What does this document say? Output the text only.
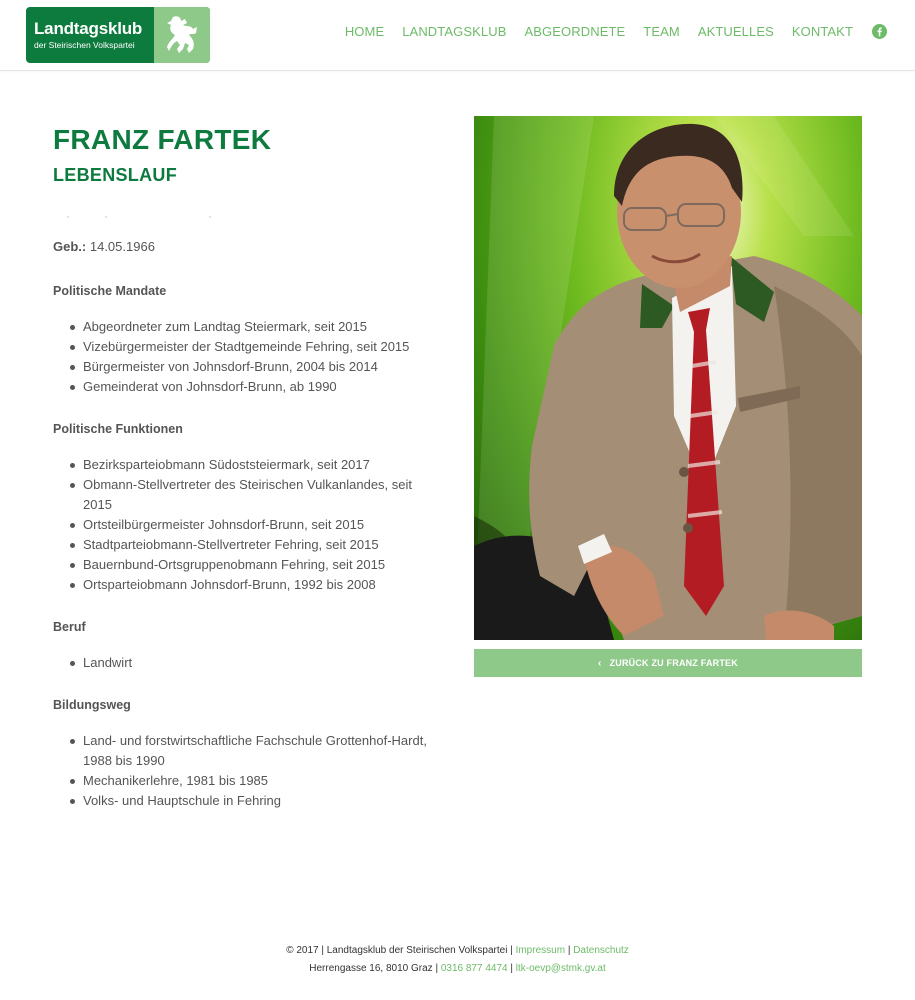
Landtagsklub
der Steirischen Volkspartei
HOME LANDTAGSKLUB ABGEORDNETE TEAM AKTUELLES KONTAKT
FRANZ FARTEK
LEBENSLAUF

Geb.: 14.05.1966

Politische Mandate
Abgeordneter zum Landtag Steiermark, seit 2015
Vizebürgermeister der Stadtgemeinde Fehring, seit 2015
Bürgermeister von Johnsdorf-Brunn, 2004 bis 2014
Gemeinderat von Johnsdorf-Brunn, ab 1990
Politische Funktionen
Bezirksparteiobmann Südoststeiermark, seit 2017
Obmann-Stellvertreter des Steirischen Vulkanlandes, seit 2015
Ortsteilbürgermeister Johnsdorf-Brunn, seit 2015
Stadtparteiobmann-Stellvertreter Fehring, seit 2015
Bauernbund-Ortsgruppenobmann Fehring, seit 2015
Ortsparteiobmann Johnsdorf-Brunn, 1992 bis 2008
Beruf
Landwirt
Bildungsweg
Land- und forstwirtschaftliche Fachschule Grottenhof-Hardt, 1988 bis 1990
Mechanikerlehre, 1981 bis 1985
Volks- und Hauptschule in Fehring
‹ ZURÜCK ZU FRANZ FARTEK
© 2017 | Landtagsklub der Steirischen Volkspartei | Impressum | Datenschutz
Herrengasse 16, 8010 Graz | 0316 877 4474 | ltk-oevp@stmk.gv.at
